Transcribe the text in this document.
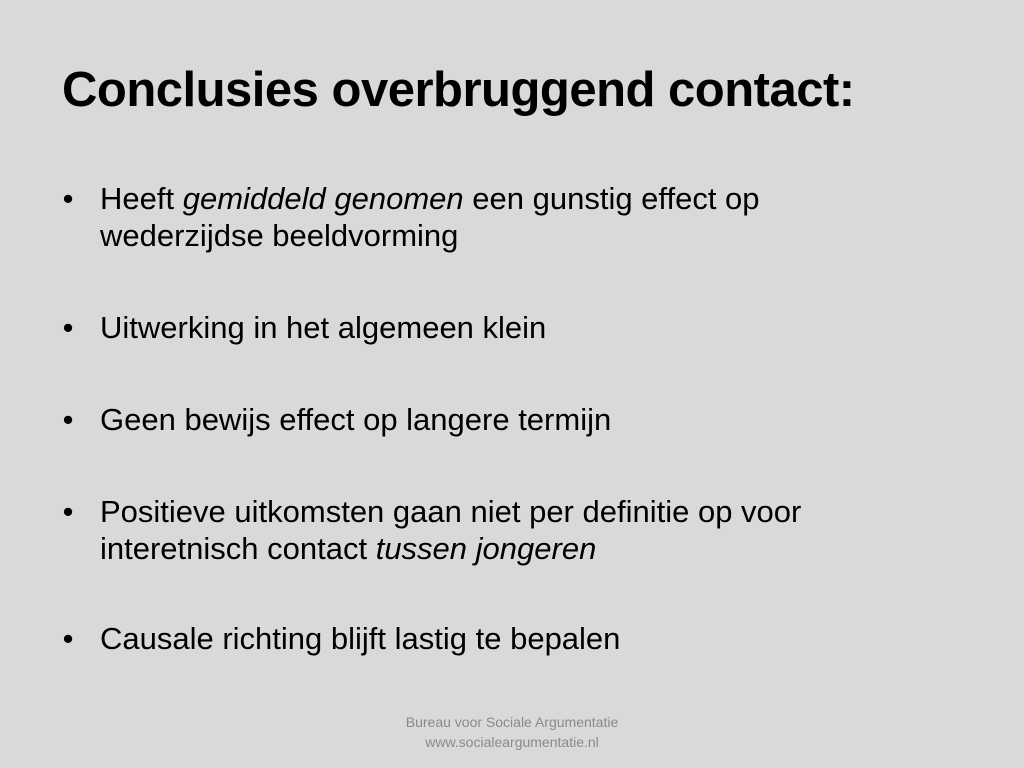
Conclusies overbruggend contact:
• Heeft gemiddeld genomen een gunstig effect op
wederzijdse beeldvorming
• Uitwerking in het algemeen klein
• Geen bewijs effect op langere termijn
• Positieve uitkomsten gaan niet per definitie op voor
interetnisch contact tussen jongeren
• Causale richting blijft lastig te bepalen
Bureau voor Sociale Argumentatie
www.socialeargumentatie.nl
